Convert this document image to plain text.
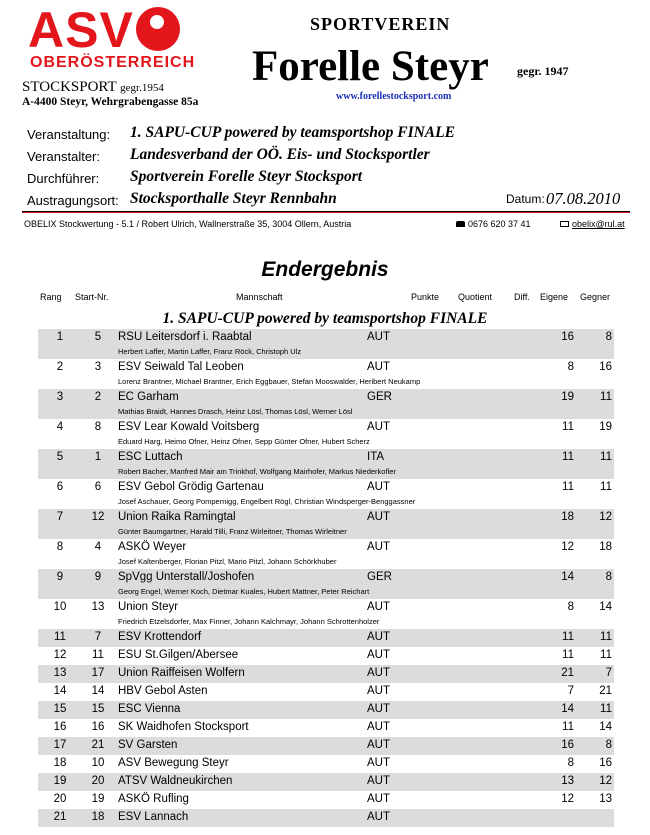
ASV
OBERÖSTERREICH
STOCKSPORT gegr.1954
A-4400 Steyr, Wehrgrabengasse 85a
SPORTVEREIN
Forelle Steyr gegr. 1947
www.forellestocksport.com
Veranstaltung: 1. SAPU-CUP powered by teamsportshop FINALE
Veranstalter: Landesverband der OÖ. Eis- und Stocksportler
Durchführer: Sportverein Forelle Steyr Stocksport
Austragungsort: Stocksporthalle Steyr Rennbahn	Datum: 07.08.2010
OBELIX Stockwertung - 5.1 / Robert Ulrich, Wallnerstraße 35, 3004 Ollern, Austria	0676 620 37 41	obelix@rul.at
Endergebnis
Rang Start-Nr.	Mannschaft	Punkte Quotient Diff. Eigene Gegner
1. SAPU-CUP powered by teamsportshop FINALE
1	5	RSU Leitersdorf i. Raabtal	AUT	16	8
Herbert Laffer, Martin Laffer, Franz Röck, Christoph Ulz
2	3	ESV Seiwald Tal Leoben	AUT	8	16
Lorenz Brantner, Michael Brantner, Erich Eggbauer, Stefan Mooswalder, Heribert Neukamp
3	2	EC Garham	GER	19	11
Mathias Braidt, Hannes Drasch, Heinz Lösl, Thomas Lösl, Werner Lösl
4	8	ESV Lear Kowald Voitsberg	AUT	11	19
Eduard Harg, Heimo Ofner, Heinz Ofner, Sepp Günter Ofner, Hubert Scherz
5	1	ESC Luttach	ITA	11	11
Robert Bacher, Manfred Mair am Trinkhof, Wolfgang Mairhofer, Markus Niederkofler
6	6	ESV Gebol Grödig Gartenau	AUT	11	11
Josef Aschauer, Georg Pompernigg, Engelbert Rögl, Christian Windsperger-Benggassner
7	12	Union Raika Ramingtal	AUT	18	12
Günter Baumgartner, Harald Tilli, Franz Wirleitner, Thomas Wirleitner
8	4	ASKÖ Weyer	AUT	12	18
Josef Kaltenberger, Florian Pitzl, Mario Pitzl, Johann Schörkhuber
9	9	SpVgg Unterstall/Joshofen	GER	14	8
Georg Engel, Werner Koch, Dietmar Kuales, Hubert Mattner, Peter Reichart
10	13	Union Steyr	AUT	8	14
Friedrich Etzelsdorfer, Max Finner, Johann Kalchmayr, Johann Schrottenholzer
11	7	ESV Krottendorf	AUT	11	11
12	11	ESU St.Gilgen/Abersee	AUT	11	11
13	17	Union Raiffeisen Wolfern	AUT	21	7
14	14	HBV Gebol Asten	AUT	7	21
15	15	ESC Vienna	AUT	14	11
16	16	SK Waidhofen Stocksport	AUT	11	14
17	21	SV Garsten	AUT	16	8
18	10	ASV Bewegung Steyr	AUT	8	16
19	20	ATSV Waldneukirchen	AUT	13	12
20	19	ASKÖ Rufling	AUT	12	13
21	18	ESV Lannach	AUT
